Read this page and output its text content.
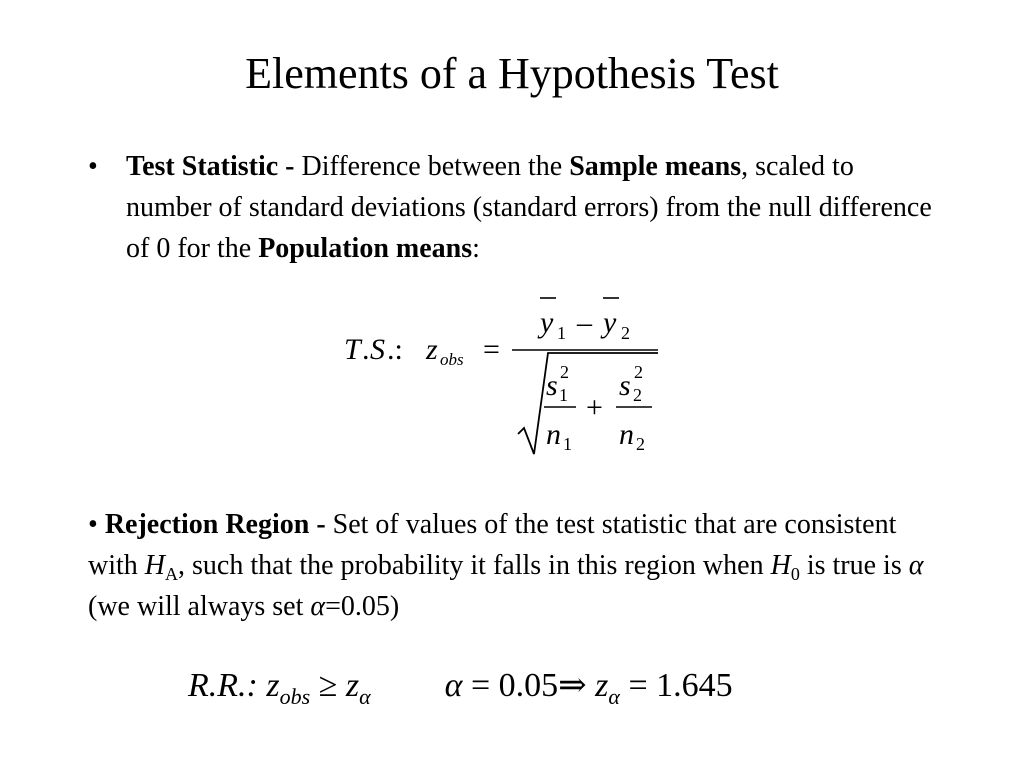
Elements of a Hypothesis Test
• Test Statistic - Difference between the Sample means, scaled to number of standard deviations (standard errors) from the null difference of 0 for the Population means:
T . S .: z obs =
y 1 – y 2
s 2
1
n 1
+
s 2
2
n 2
• Rejection Region - Set of values of the test statistic that are consistent with $H_A$, such that the probability it falls in this region when $H_0$ is true is α (we will always set α=0.05)
R.R.: $z_{obs} \ge z_\alpha$ α = 0.05⇒ $z_\alpha = 1.645$
